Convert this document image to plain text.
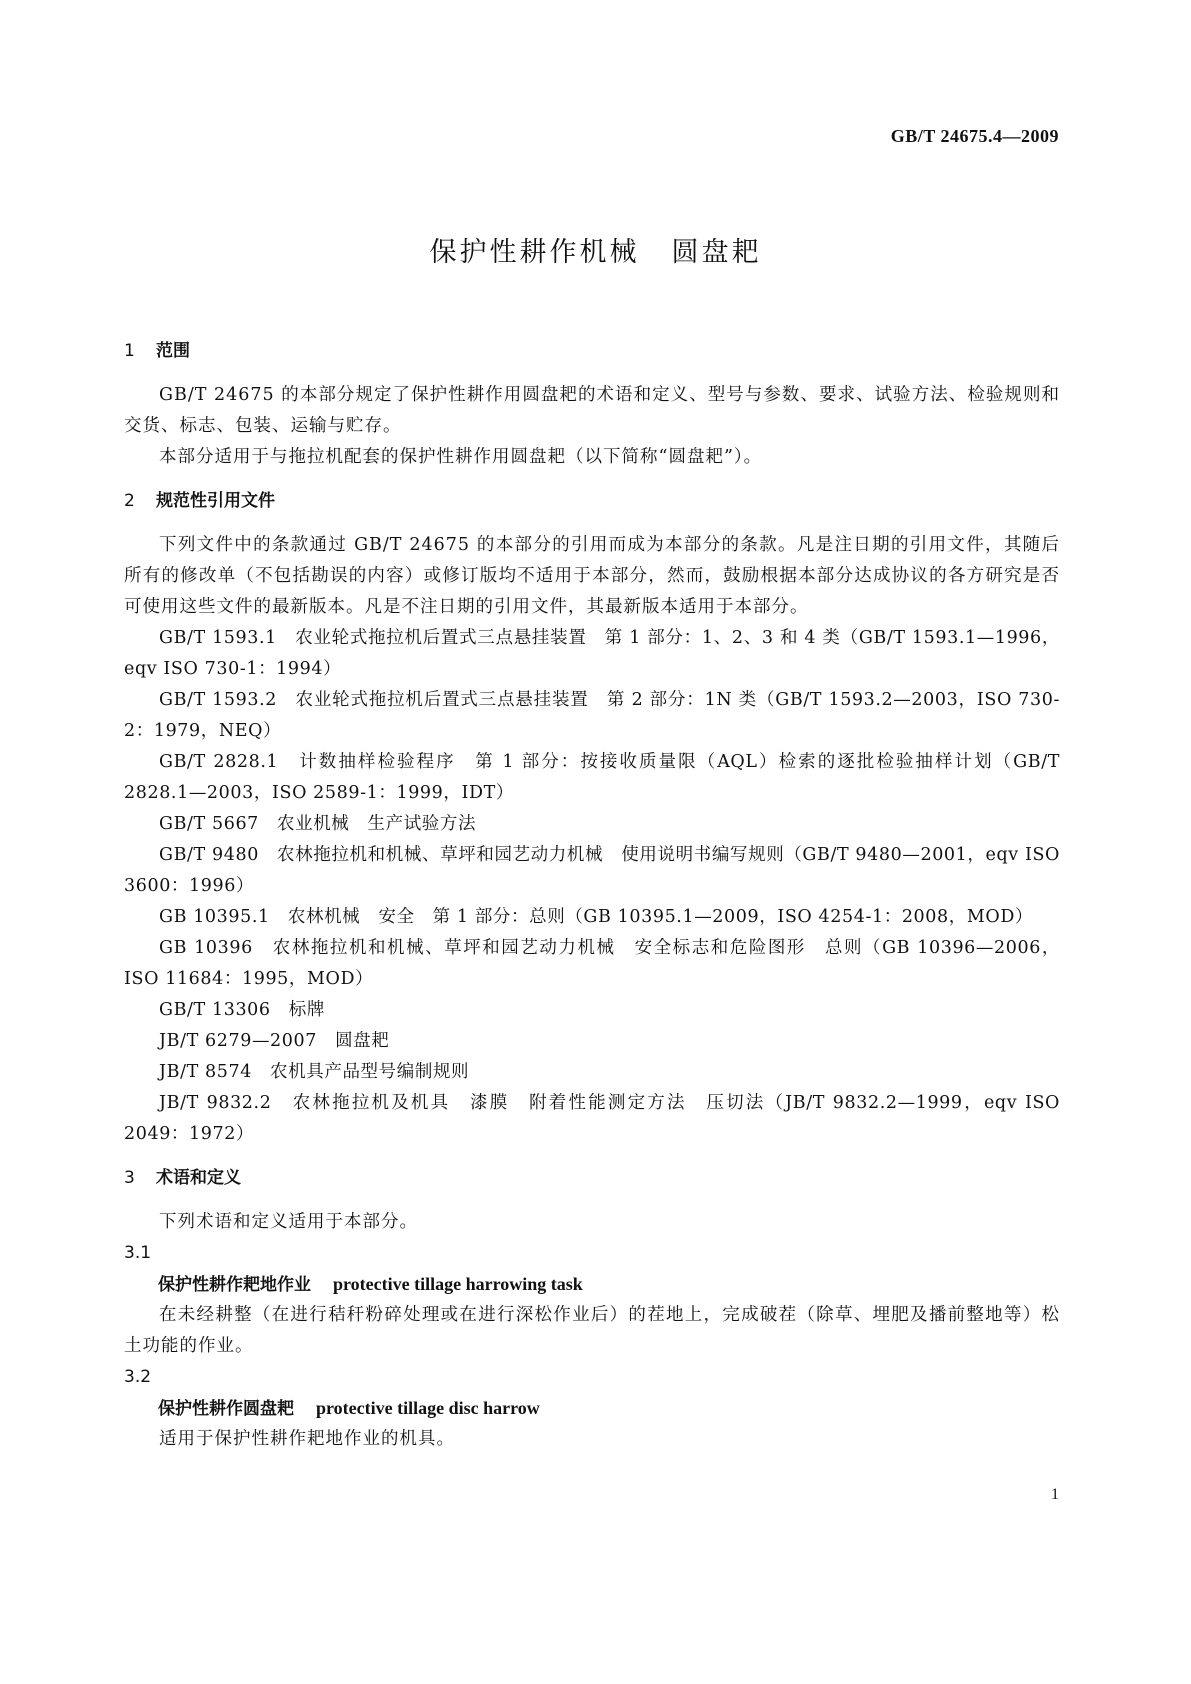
GB/T 24675.4—2009
保护性耕作机械 圆盘耙
1 范围
GB/T 24675 的本部分规定了保护性耕作用圆盘耙的术语和定义、型号与参数、要求、试验方法、检验规则和交货、标志、包装、运输与贮存。
本部分适用于与拖拉机配套的保护性耕作用圆盘耙（以下简称“圆盘耙”）。
2 规范性引用文件
下列文件中的条款通过 GB/T 24675 的本部分的引用而成为本部分的条款。凡是注日期的引用文件，其随后所有的修改单（不包括勘误的内容）或修订版均不适用于本部分，然而，鼓励根据本部分达成协议的各方研究是否可使用这些文件的最新版本。凡是不注日期的引用文件，其最新版本适用于本部分。
GB/T 1593.1　农业轮式拖拉机后置式三点悬挂装置　第 1 部分：1、2、3 和 4 类（GB/T 1593.1—1996，eqv ISO 730-1：1994）
GB/T 1593.2　农业轮式拖拉机后置式三点悬挂装置　第 2 部分：1N 类（GB/T 1593.2—2003，ISO 730-2：1979，NEQ）
GB/T 2828.1　计数抽样检验程序　第 1 部分：按接收质量限（AQL）检索的逐批检验抽样计划（GB/T 2828.1—2003，ISO 2589-1：1999，IDT）
GB/T 5667　农业机械　生产试验方法
GB/T 9480　农林拖拉机和机械、草坪和园艺动力机械　使用说明书编写规则（GB/T 9480—2001，eqv ISO 3600：1996）
GB 10395.1　农林机械　安全　第 1 部分：总则（GB 10395.1—2009，ISO 4254-1：2008，MOD）
GB 10396　农林拖拉机和机械、草坪和园艺动力机械　安全标志和危险图形　总则（GB 10396—2006，ISO 11684：1995，MOD）
GB/T 13306　标牌
JB/T 6279—2007　圆盘耙
JB/T 8574　农机具产品型号编制规则
JB/T 9832.2　农林拖拉机及机具　漆膜　附着性能测定方法　压切法（JB/T 9832.2—1999，eqv ISO 2049：1972）
3 术语和定义
下列术语和定义适用于本部分。
3.1
保护性耕作耙地作业 protective tillage harrowing task
在未经耕整（在进行秸秆粉碎处理或在进行深松作业后）的茬地上，完成破茬（除草、埋肥及播前整地等）松土功能的作业。
3.2
保护性耕作圆盘耙 protective tillage disc harrow
适用于保护性耕作耙地作业的机具。
1
